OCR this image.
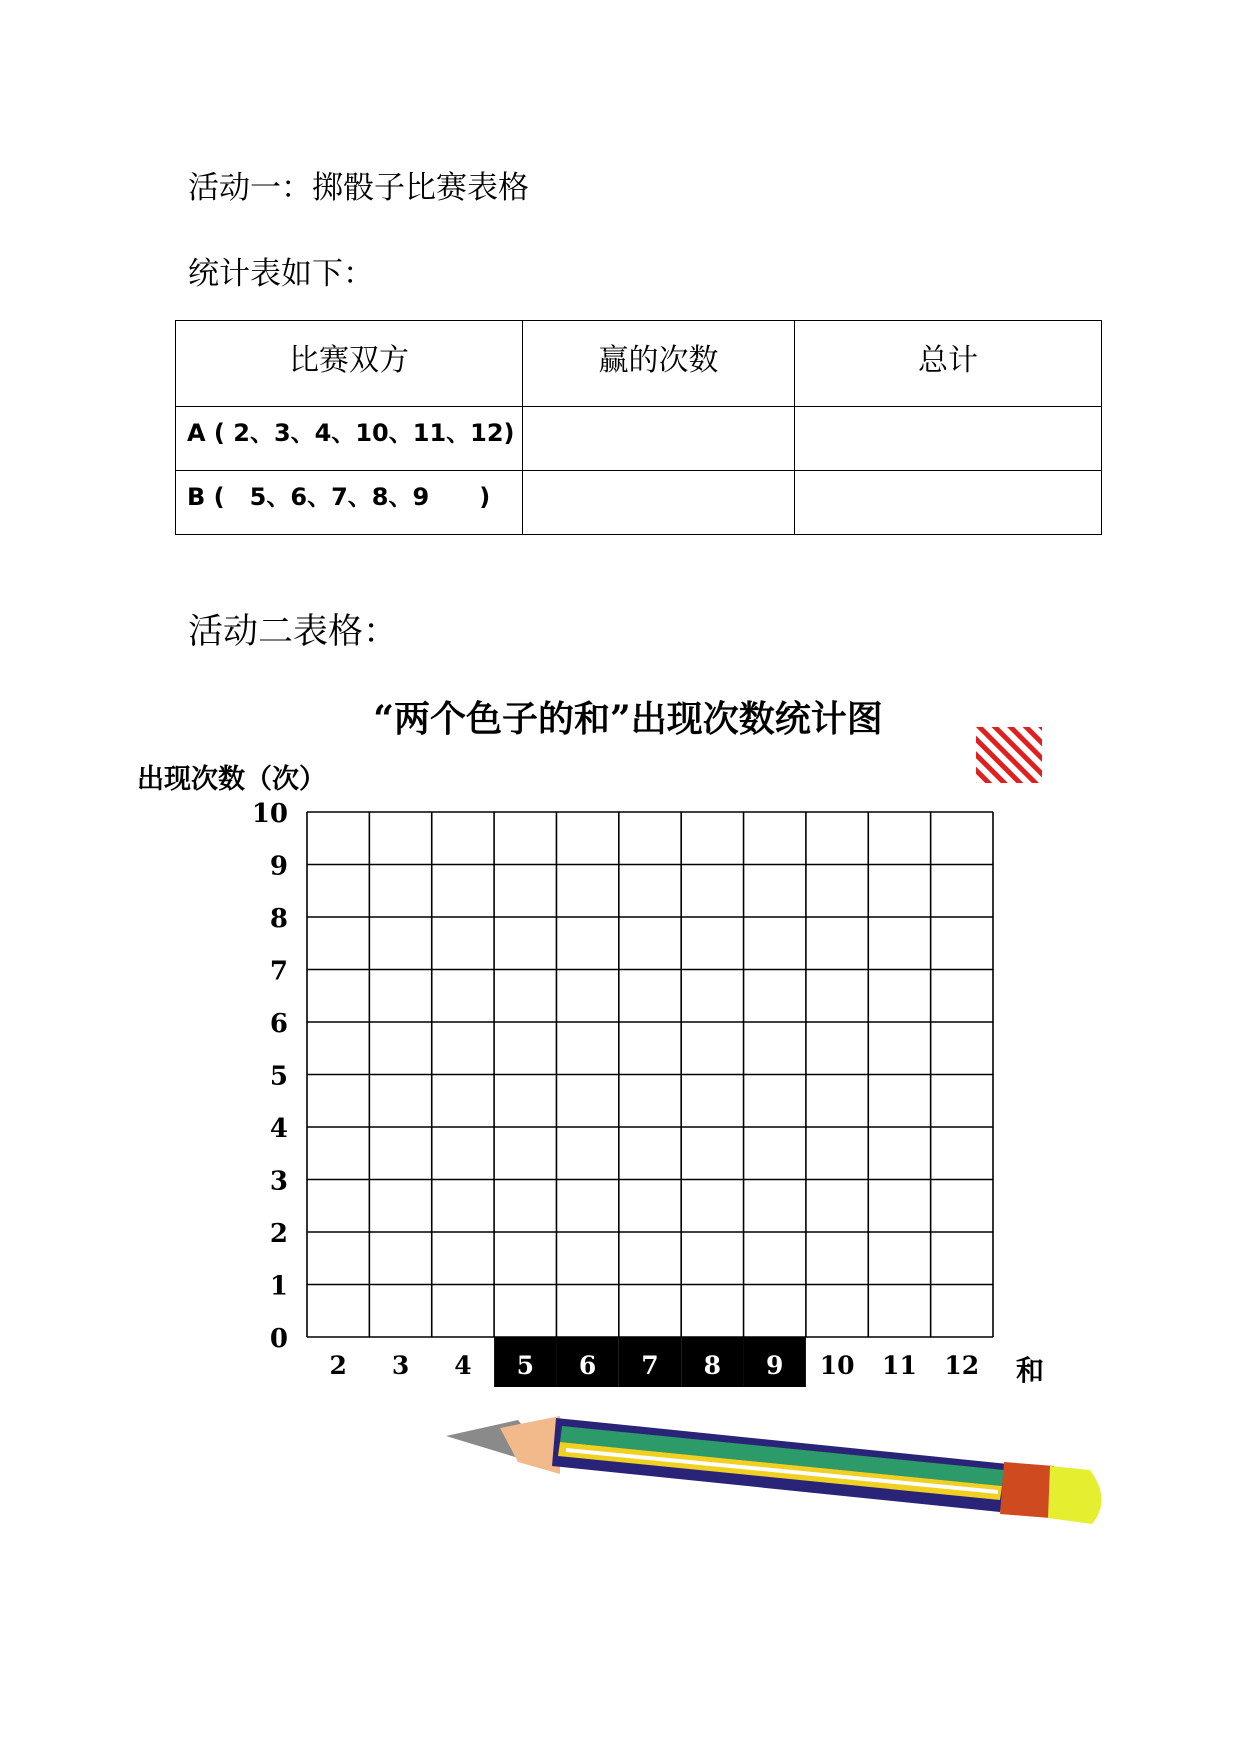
活动一：掷骰子比赛表格
统计表如下：
比赛双方	赢的次数	总计
A ( 2、3、4、10、11、12)		
B (   5、6、7、8、9      )		
活动二表格：
“两个色子的和”出现次数统计图
出现次数（次）
0
1
2
3
4
5
6
7
8
9
10
2 3 4 5 6 7 8 9 10 11 12 和
